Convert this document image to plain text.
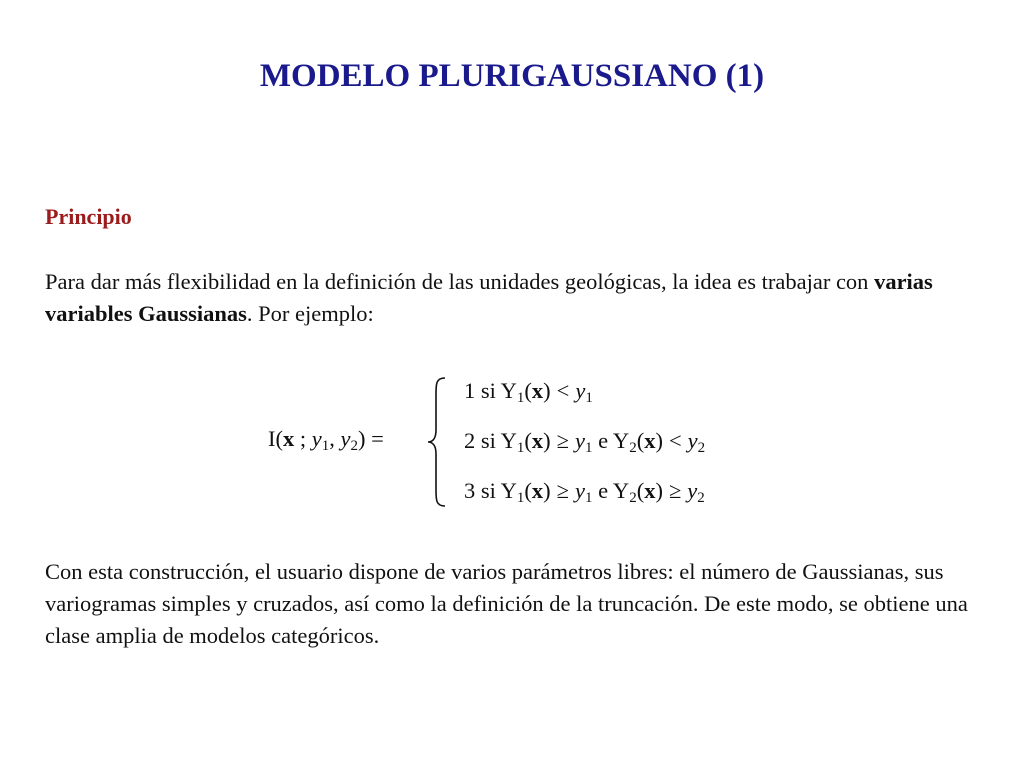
MODELO PLURIGAUSSIANO (1)
Principio

Para dar más flexibilidad en la definición de las unidades geológicas, la idea es trabajar con varias variables Gaussianas. Por ejemplo:

I(x ; $y_1$, $y_2$) =
1 si $Y_1(x) < y_1$
2 si $Y_1(x) \ge y_1$ e $Y_2(x) < y_2$
3 si $Y_1(x) \ge y_1$ e $Y_2(x) \ge y_2$

Con esta construcción, el usuario dispone de varios parámetros libres: el número de Gaussianas, sus variogramas simples y cruzados, así como la definición de la truncación. De este modo, se obtiene una clase amplia de modelos categóricos.
